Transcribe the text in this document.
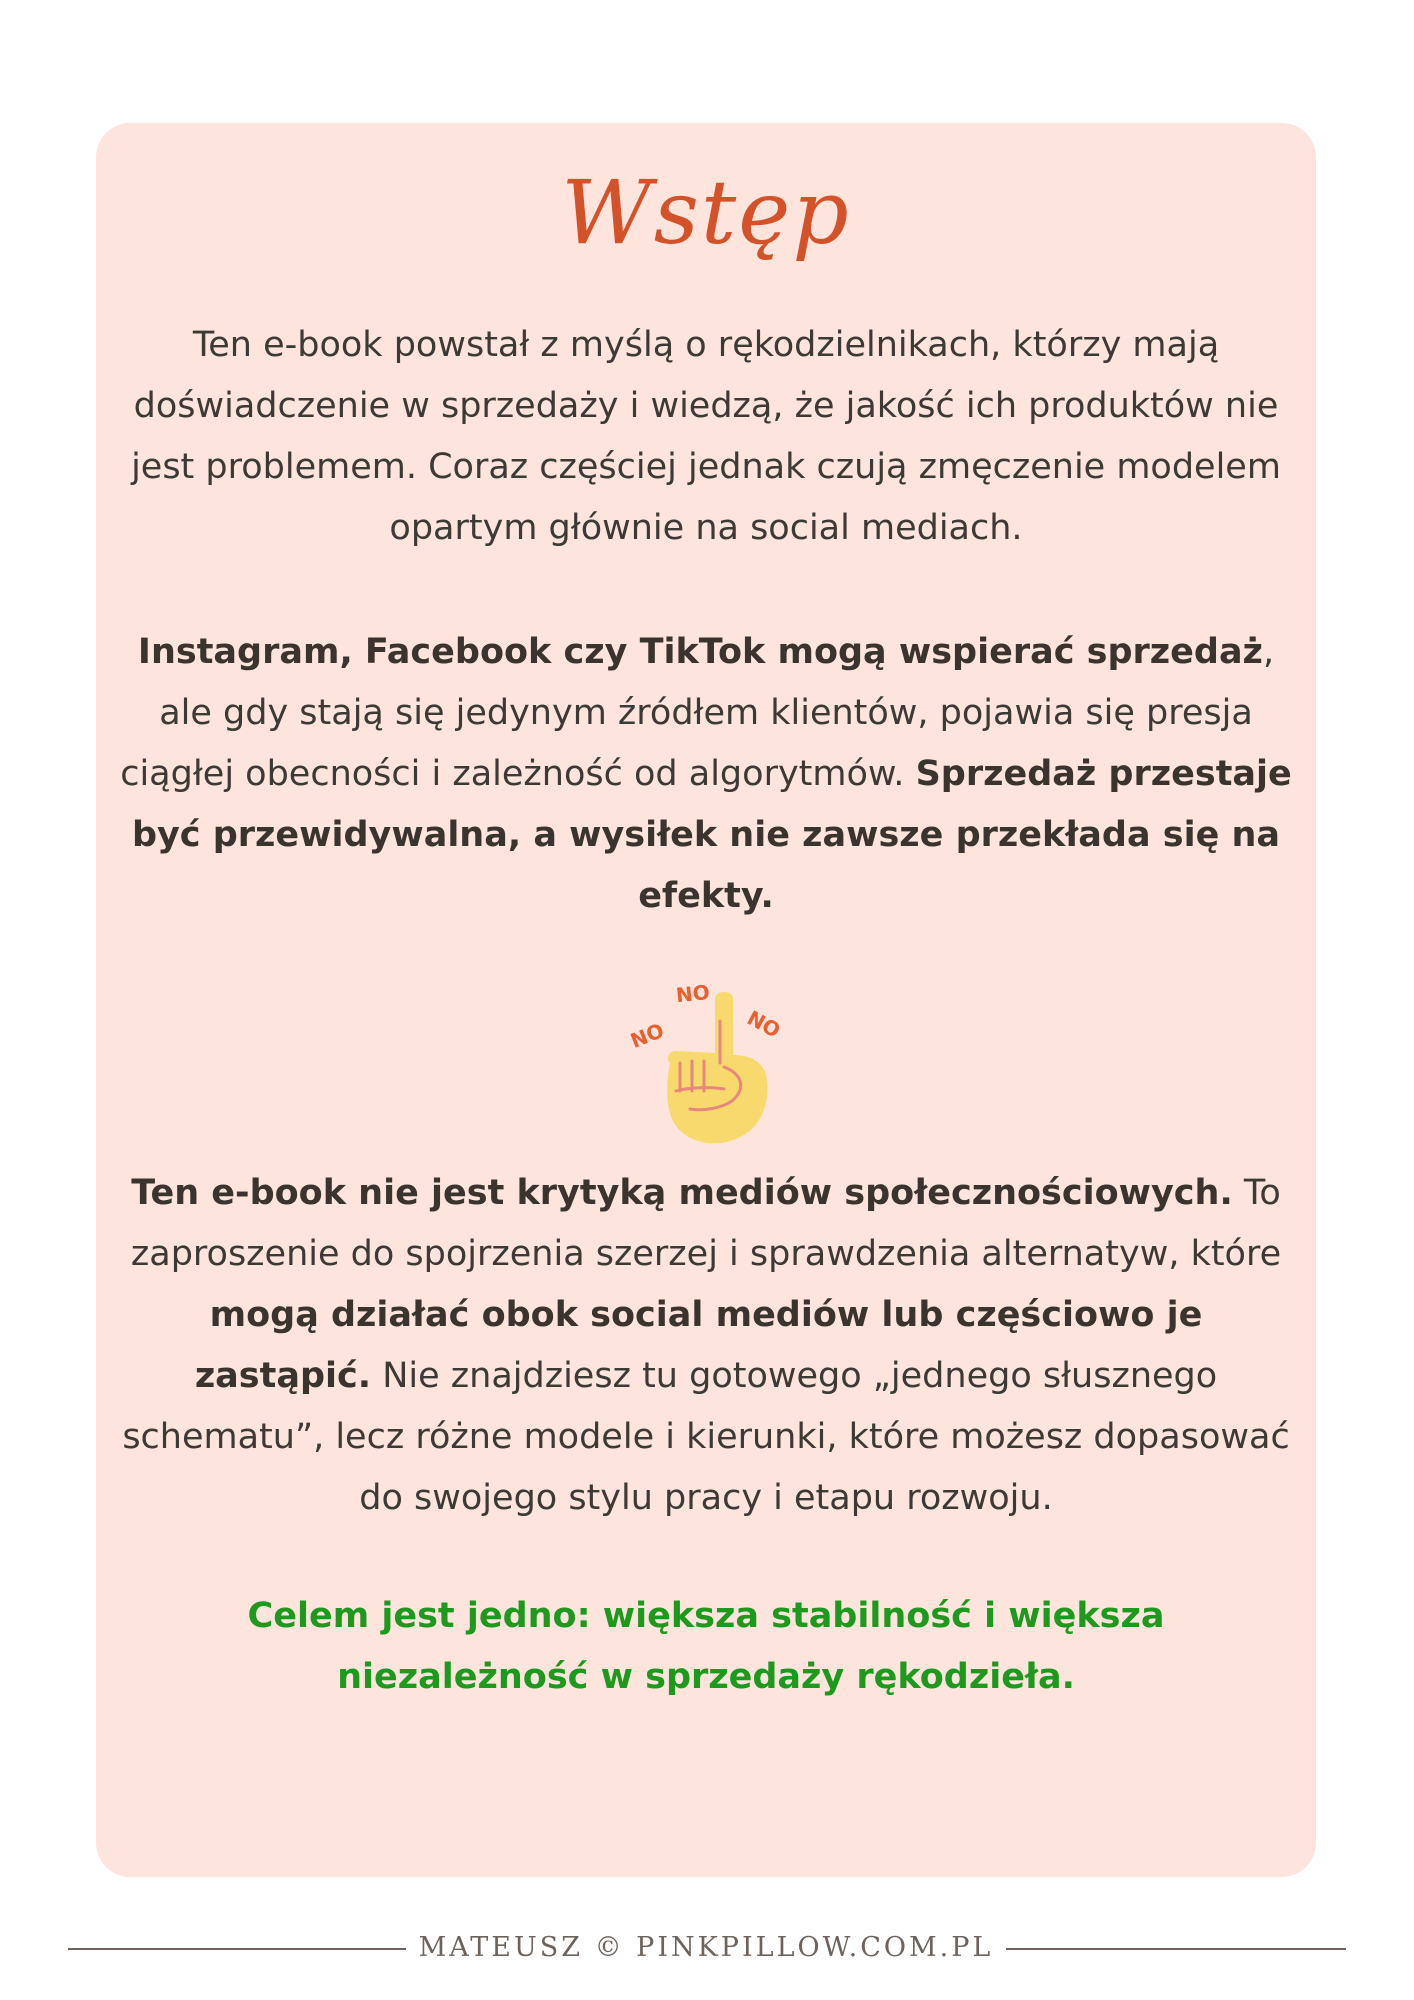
Wstęp

Ten e-book powstał z myślą o rękodzielnikach, którzy mają doświadczenie w sprzedaży i wiedzą, że jakość ich produktów nie jest problemem. Coraz częściej jednak czują zmęczenie modelem opartym głównie na social mediach.

Instagram, Facebook czy TikTok mogą wspierać sprzedaż, ale gdy stają się jedynym źródłem klientów, pojawia się presja ciągłej obecności i zależność od algorytmów. Sprzedaż przestaje być przewidywalna, a wysiłek nie zawsze przekłada się na efekty.

NO
NO
NO

Ten e-book nie jest krytyką mediów społecznościowych. To zaproszenie do spojrzenia szerzej i sprawdzenia alternatyw, które mogą działać obok social mediów lub częściowo je zastąpić. Nie znajdziesz tu gotowego „jednego słusznego schematu”, lecz różne modele i kierunki, które możesz dopasować do swojego stylu pracy i etapu rozwoju.

Celem jest jedno: większa stabilność i większa niezależność w sprzedaży rękodzieła.

MATEUSZ © PINKPILLOW.COM.PL
